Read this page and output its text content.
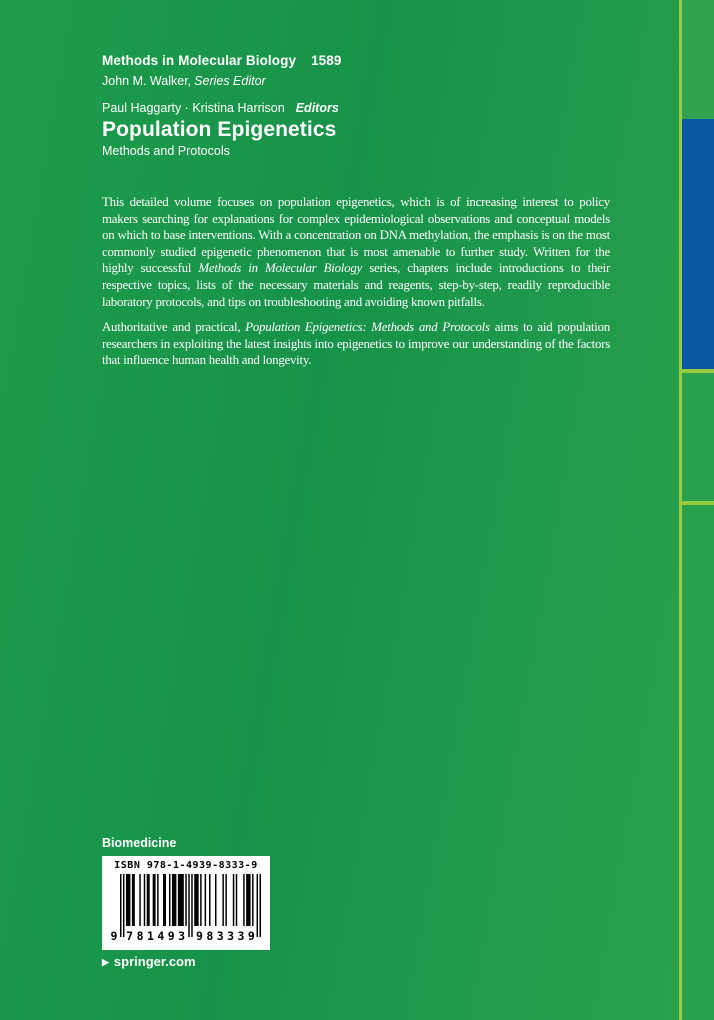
Methods in Molecular Biology 1589
John M. Walker, Series Editor
Paul Haggarty · Kristina Harrison Editors
Population Epigenetics
Methods and Protocols

This detailed volume focuses on population epigenetics, which is of increasing interest to policy makers searching for explanations for complex epidemiological observations and conceptual models on which to base interventions. With a concentration on DNA methylation, the emphasis is on the most commonly studied epigenetic phenomenon that is most amenable to further study. Written for the highly successful Methods in Molecular Biology series, chapters include introductions to their respective topics, lists of the necessary materials and reagents, step-by-step, readily reproducible laboratory protocols, and tips on troubleshooting and avoiding known pitfalls.

Authoritative and practical, Population Epigenetics: Methods and Protocols aims to aid population researchers in exploiting the latest insights into epigenetics to improve our understanding of the factors that influence human health and longevity.

Biomedicine
ISBN 978-1-4939-8333-9
9 7 8 1 4 9 3 9 8 3 3 3 9
▶ springer.com
